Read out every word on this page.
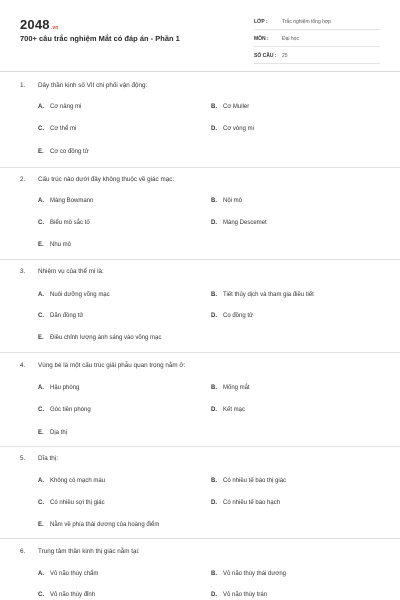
2048.vn
700+ câu trắc nghiệm Mắt có đáp án - Phần 1
LỚP :	Trắc nghiệm tổng hợp
MÔN :	Đại học
SỐ CÂU :	25
1. Dây thần kinh số VII chi phối vận động:
A. Cơ nâng mi	B. Cơ Muller
C. Cơ thể mi	D. Cơ vòng mi
E. Cơ co đồng tử
2. Cấu trúc nào dưới đây không thuộc về giác mạc:
A. Màng Bowmann	B. Nội mô
C. Biểu mô sắc tố	D. Màng Descemet
E. Nhu mô
3. Nhiệm vụ của thể mi là:
A. Nuôi dưỡng võng mạc	B. Tiết thủy dịch và tham gia điều tiết
C. Dãn đồng tử	D. Co đồng tử
E. Điều chỉnh lượng ánh sáng vào võng mạc
4. Vùng bè là một cấu trúc giải phẫu quan trọng nằm ở:
A. Hậu phòng	B. Mống mắt
C. Góc tiền phòng	D. Kết mạc
E. Dịa thị
5. Dĩa thị:
A. Không có mạch máu	B. Có nhiều tế bào thị giác
C. Có nhiều sợi thị giác	D. Có nhiều tế bào hạch
E. Nằm về phía thái dương của hoàng điểm
6. Trung tâm thần kinh thị giác nằm tại:
A. Vỏ não thùy chẩm	B. Vỏ não thùy thái dương
C. Vỏ não thùy đỉnh	D. Vỏ não thùy trán
